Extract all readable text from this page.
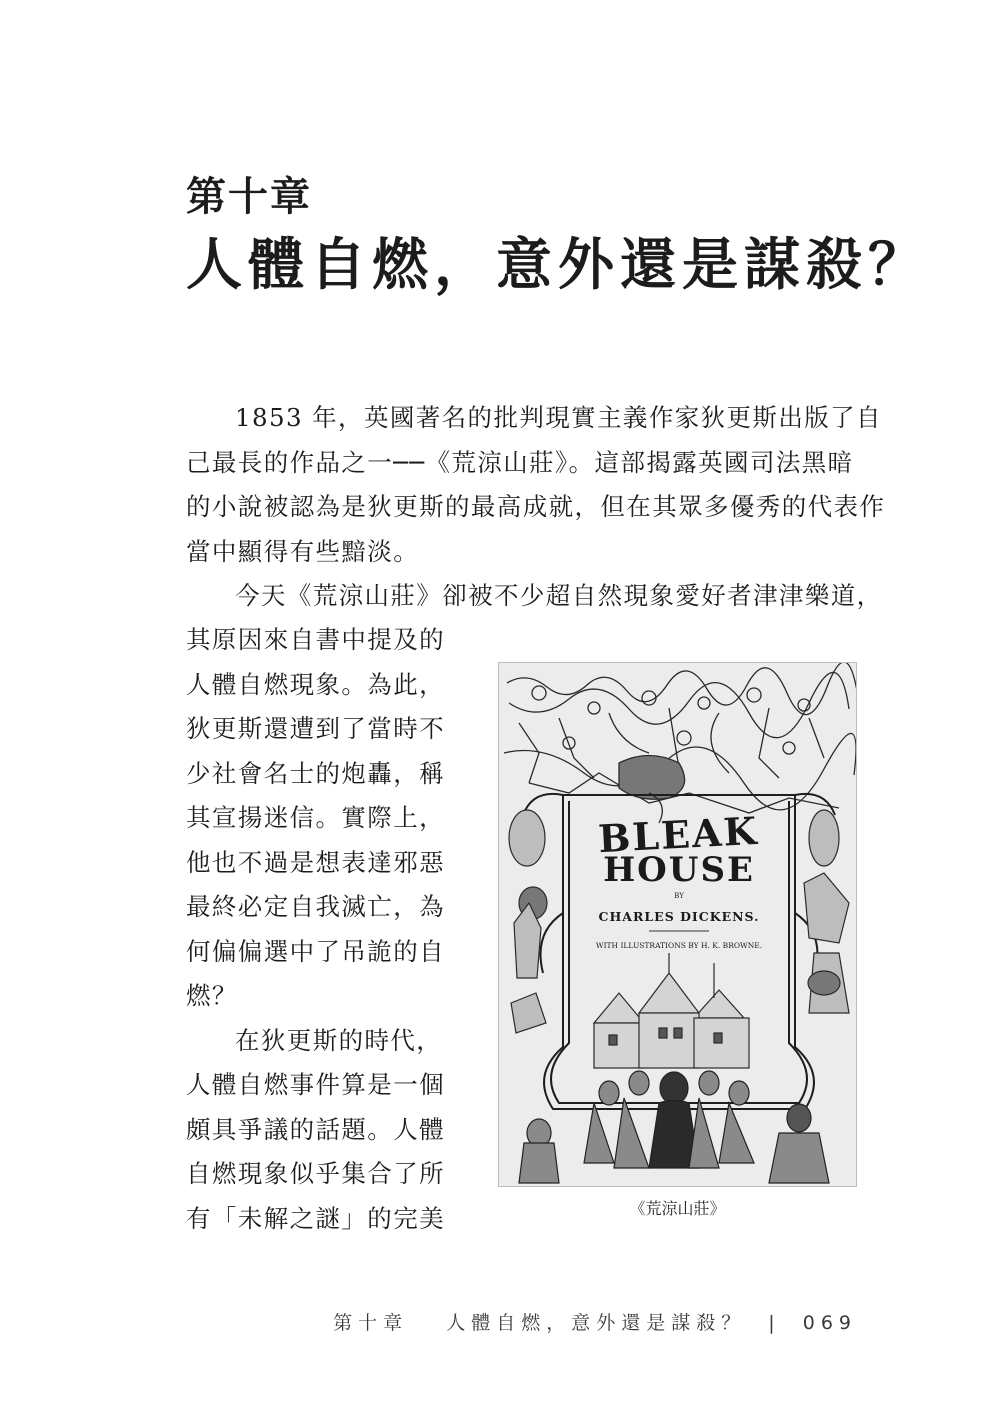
第十章
人體自燃，意外還是謀殺？

1853 年，英國著名的批判現實主義作家狄更斯出版了自
己最長的作品之一──《荒涼山莊》。這部揭露英國司法黑暗
的小說被認為是狄更斯的最高成就，但在其眾多優秀的代表作
當中顯得有些黯淡。

今天《荒涼山莊》卻被不少超自然現象愛好者津津樂道，

其原因來自書中提及的
人體自燃現象。為此，
狄更斯還遭到了當時不
少社會名士的炮轟，稱
其宣揚迷信。實際上，
他也不過是想表達邪惡
最終必定自我滅亡，為
何偏偏選中了吊詭的自
燃？

在狄更斯的時代，
人體自燃事件算是一個
頗具爭議的話題。人體
自燃現象似乎集合了所
有「未解之謎」的完美

BLEAK
HOUSE
BY
CHARLES DICKENS.
WITH ILLUSTRATIONS BY H. K. BROWNE.
《荒涼山莊》
第十章 人體自燃，意外還是謀殺？ | 069
